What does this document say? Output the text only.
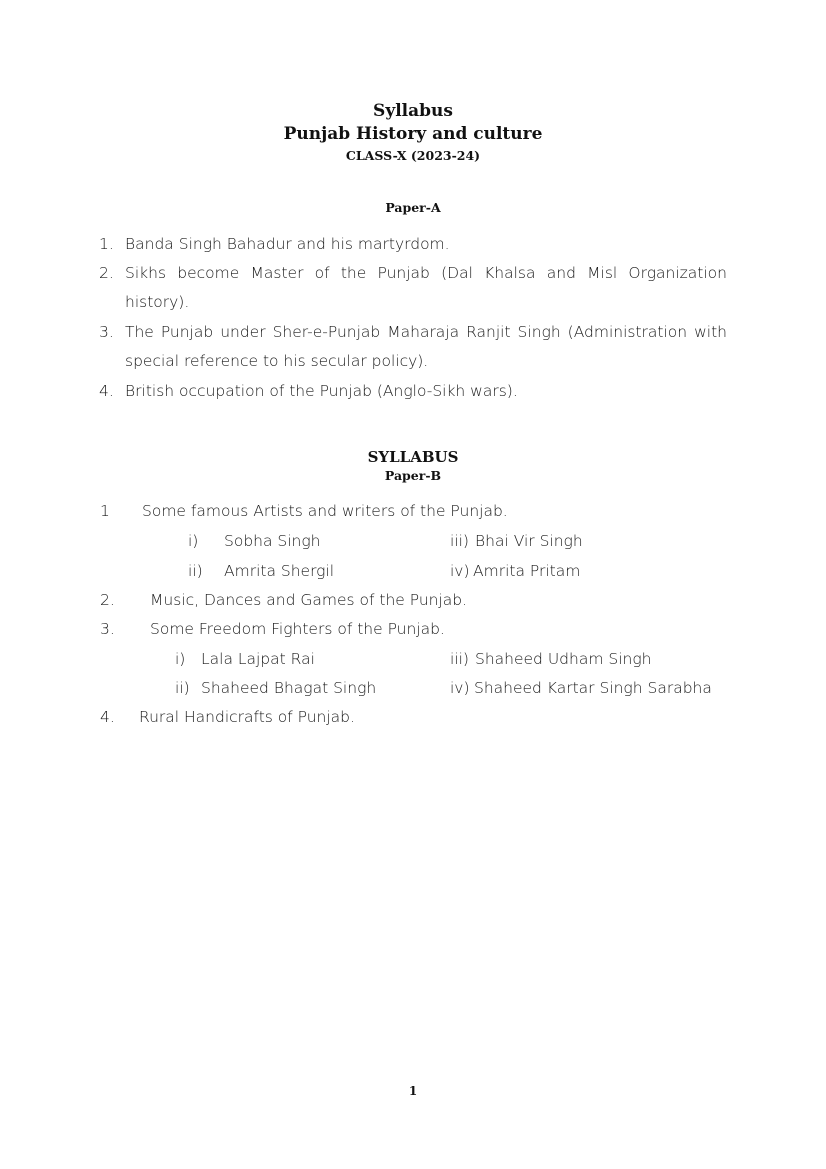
Syllabus
Punjab History and culture
CLASS-X (2023-24)
Paper-A
1. Banda Singh Bahadur and his martyrdom.
2. Sikhs become Master of the Punjab (Dal Khalsa and Misl Organization history).
3. The Punjab under Sher-e-Punjab Maharaja Ranjit Singh (Administration with special reference to his secular policy).
4. British occupation of the Punjab (Anglo-Sikh wars).
SYLLABUS
Paper-B
1 Some famous Artists and writers of the Punjab.
i) Sobha Singh	iii) Bhai Vir Singh
ii) Amrita Shergil	iv) Amrita Pritam
2. Music, Dances and Games of the Punjab.
3. Some Freedom Fighters of the Punjab.
i) Lala Lajpat Rai	iii) Shaheed Udham Singh
ii) Shaheed Bhagat Singh	iv) Shaheed Kartar Singh Sarabha
4. Rural Handicrafts of Punjab.
1
